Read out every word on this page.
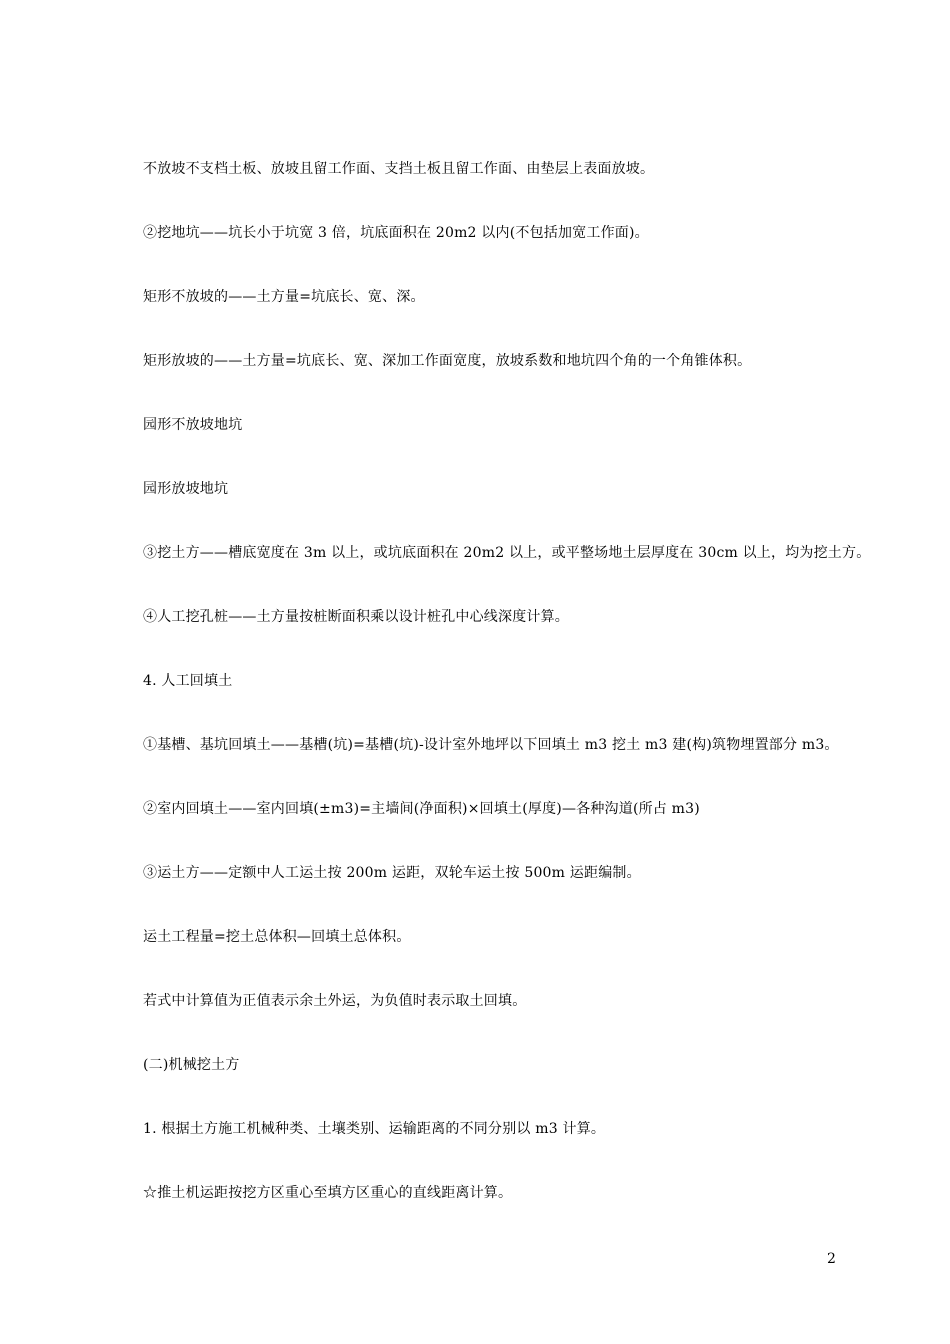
不放坡不支档土板、放坡且留工作面、支挡土板且留工作面、由垫层上表面放坡。

②挖地坑——坑长小于坑宽 3 倍，坑底面积在 20m2 以内(不包括加宽工作面)。

矩形不放坡的——土方量=坑底长、宽、深。

矩形放坡的——土方量=坑底长、宽、深加工作面宽度，放坡系数和地坑四个角的一个角锥体积。

园形不放坡地坑

园形放坡地坑

③挖土方——槽底宽度在 3m 以上，或坑底面积在 20m2 以上，或平整场地土层厚度在 30cm 以上，均为挖土方。

④人工挖孔桩——土方量按桩断面积乘以设计桩孔中心线深度计算。

4. 人工回填土

①基槽、基坑回填土——基槽(坑)=基槽(坑)-设计室外地坪以下回填土 m3 挖土 m3 建(构)筑物埋置部分 m3。

②室内回填土——室内回填(±m3)=主墙间(净面积)×回填土(厚度)—各种沟道(所占 m3)

③运土方——定额中人工运土按 200m 运距，双轮车运土按 500m 运距编制。

运土工程量=挖土总体积—回填土总体积。

若式中计算值为正值表示余土外运，为负值时表示取土回填。

(二)机械挖土方

1. 根据土方施工机械种类、土壤类别、运输距离的不同分别以 m3 计算。

☆推土机运距按挖方区重心至填方区重心的直线距离计算。

2
